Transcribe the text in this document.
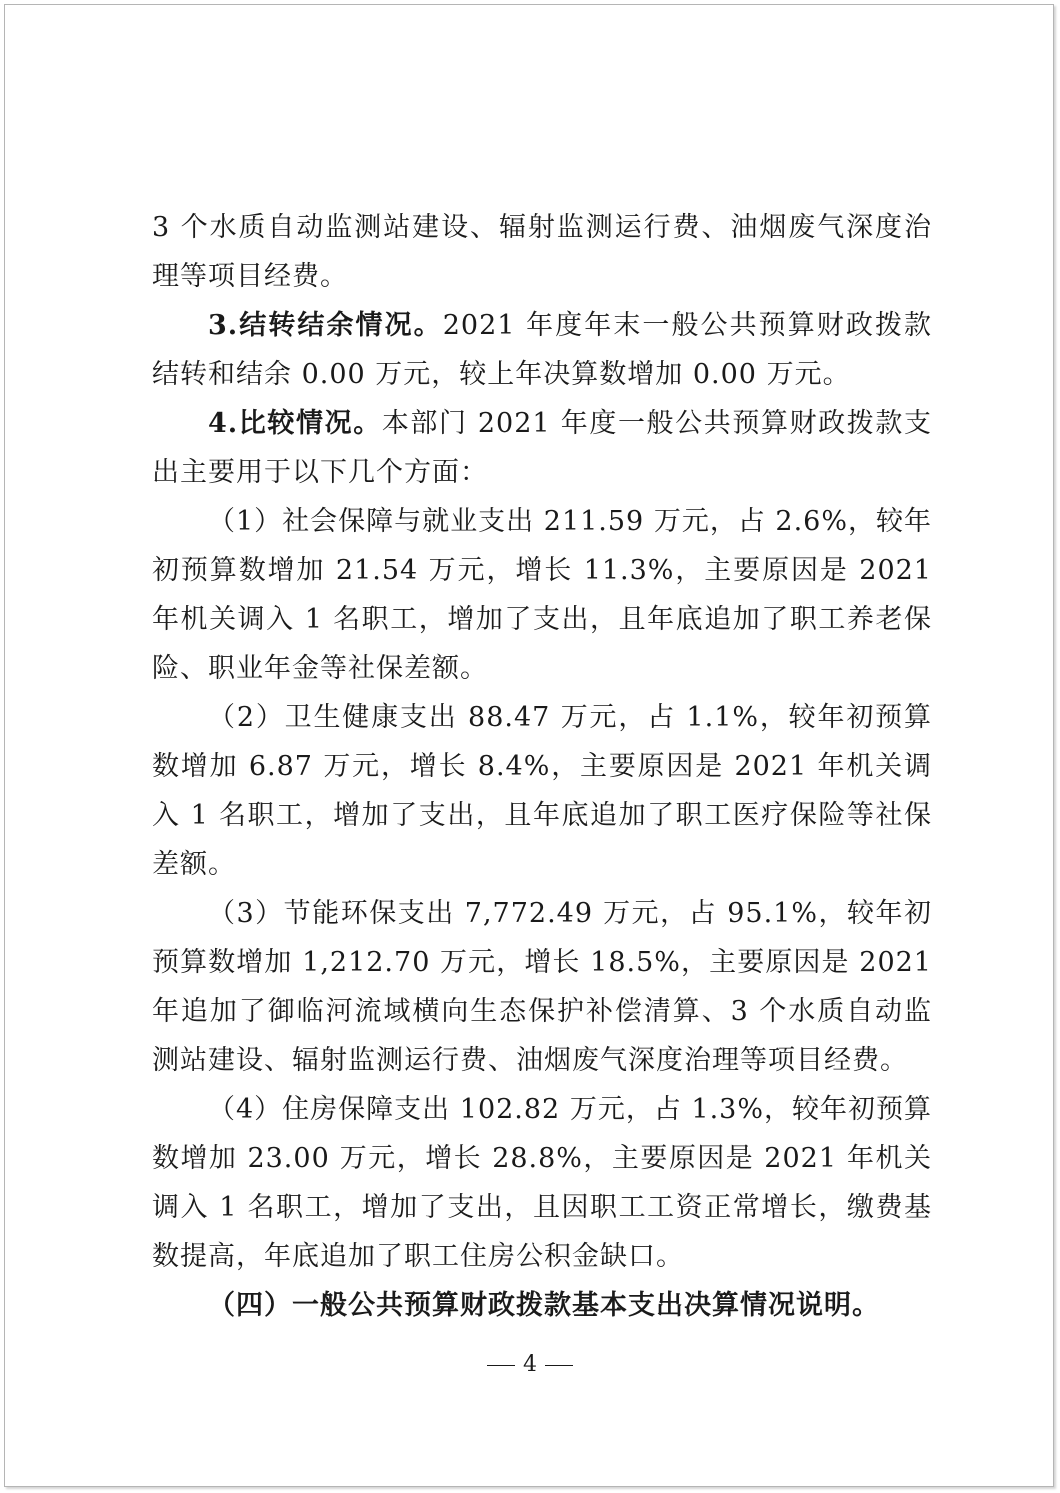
3 个水质自动监测站建设、辐射监测运行费、油烟废气深度治理等项目经费。

3.结转结余情况。2021 年度年末一般公共预算财政拨款结转和结余 0.00 万元，较上年决算数增加 0.00 万元。

4.比较情况。本部门 2021 年度一般公共预算财政拨款支出主要用于以下几个方面：

（1）社会保障与就业支出 211.59 万元，占 2.6%，较年初预算数增加 21.54 万元，增长 11.3%，主要原因是 2021 年机关调入 1 名职工，增加了支出，且年底追加了职工养老保险、职业年金等社保差额。

（2）卫生健康支出 88.47 万元，占 1.1%，较年初预算数增加 6.87 万元，增长 8.4%，主要原因是 2021 年机关调入 1 名职工，增加了支出，且年底追加了职工医疗保险等社保差额。

（3）节能环保支出 7,772.49 万元，占 95.1%，较年初预算数增加 1,212.70 万元，增长 18.5%，主要原因是 2021 年追加了御临河流域横向生态保护补偿清算、3 个水质自动监测站建设、辐射监测运行费、油烟废气深度治理等项目经费。

（4）住房保障支出 102.82 万元，占 1.3%，较年初预算数增加 23.00 万元，增长 28.8%，主要原因是 2021 年机关调入 1 名职工，增加了支出，且因职工工资正常增长，缴费基数提高，年底追加了职工住房公积金缺口。

（四）一般公共预算财政拨款基本支出决算情况说明。

4
